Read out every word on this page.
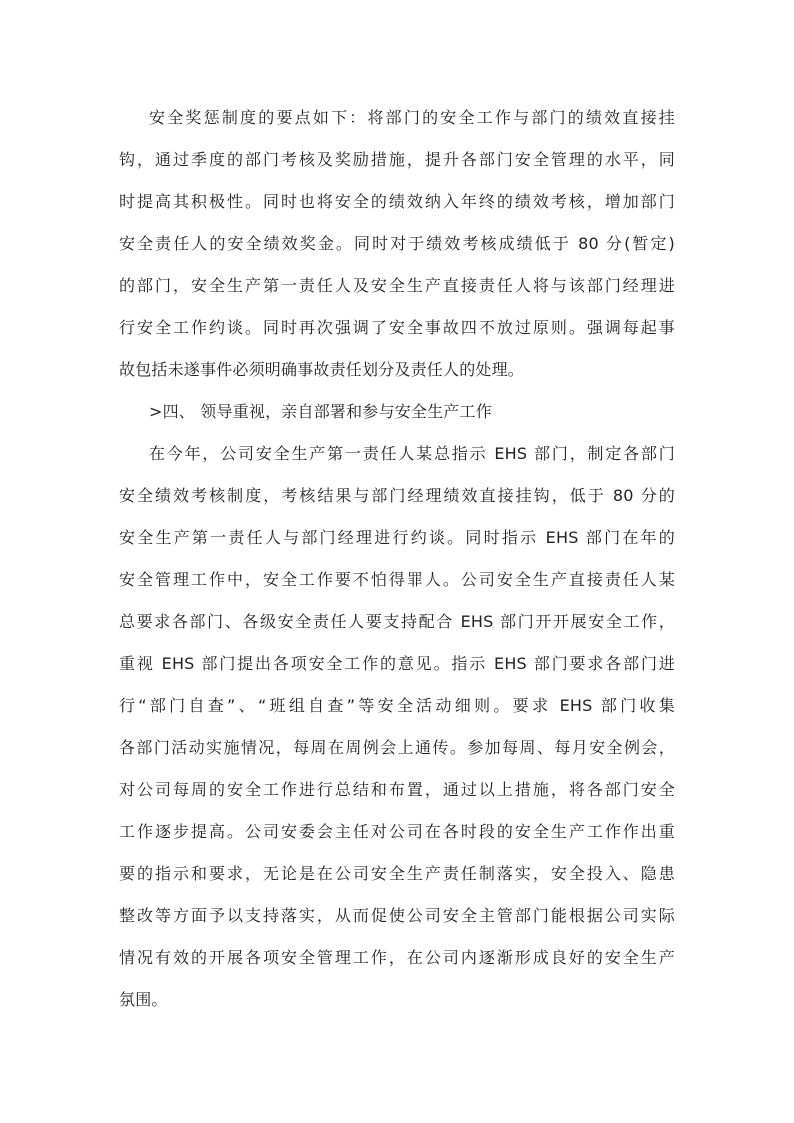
安全奖惩制度的要点如下：将部门的安全工作与部门的绩效直接挂
钩，通过季度的部门考核及奖励措施，提升各部门安全管理的水平，同
时提高其积极性。同时也将安全的绩效纳入年终的绩效考核，增加部门
安全责任人的安全绩效奖金。同时对于绩效考核成绩低于 80 分(暂定)
的部门，安全生产第一责任人及安全生产直接责任人将与该部门经理进
行安全工作约谈。同时再次强调了安全事故四不放过原则。强调每起事
故包括未遂事件必须明确事故责任划分及责任人的处理。
>四、 领导重视，亲自部署和参与安全生产工作
在今年，公司安全生产第一责任人某总指示 EHS 部门，制定各部门
安全绩效考核制度，考核结果与部门经理绩效直接挂钩，低于 80 分的
安全生产第一责任人与部门经理进行约谈。同时指示 EHS 部门在年的
安全管理工作中，安全工作要不怕得罪人。公司安全生产直接责任人某
总要求各部门、各级安全责任人要支持配合 EHS 部门开开展安全工作，
重视 EHS 部门提出各项安全工作的意见。指示 EHS 部门要求各部门进
行“部门自查”、“班组自查”等安全活动细则。要求 EHS 部门收集
各部门活动实施情况，每周在周例会上通传。参加每周、每月安全例会，
对公司每周的安全工作进行总结和布置，通过以上措施，将各部门安全
工作逐步提高。公司安委会主任对公司在各时段的安全生产工作作出重
要的指示和要求，无论是在公司安全生产责任制落实，安全投入、隐患
整改等方面予以支持落实，从而促使公司安全主管部门能根据公司实际
情况有效的开展各项安全管理工作，在公司内逐渐形成良好的安全生产
氛围。
